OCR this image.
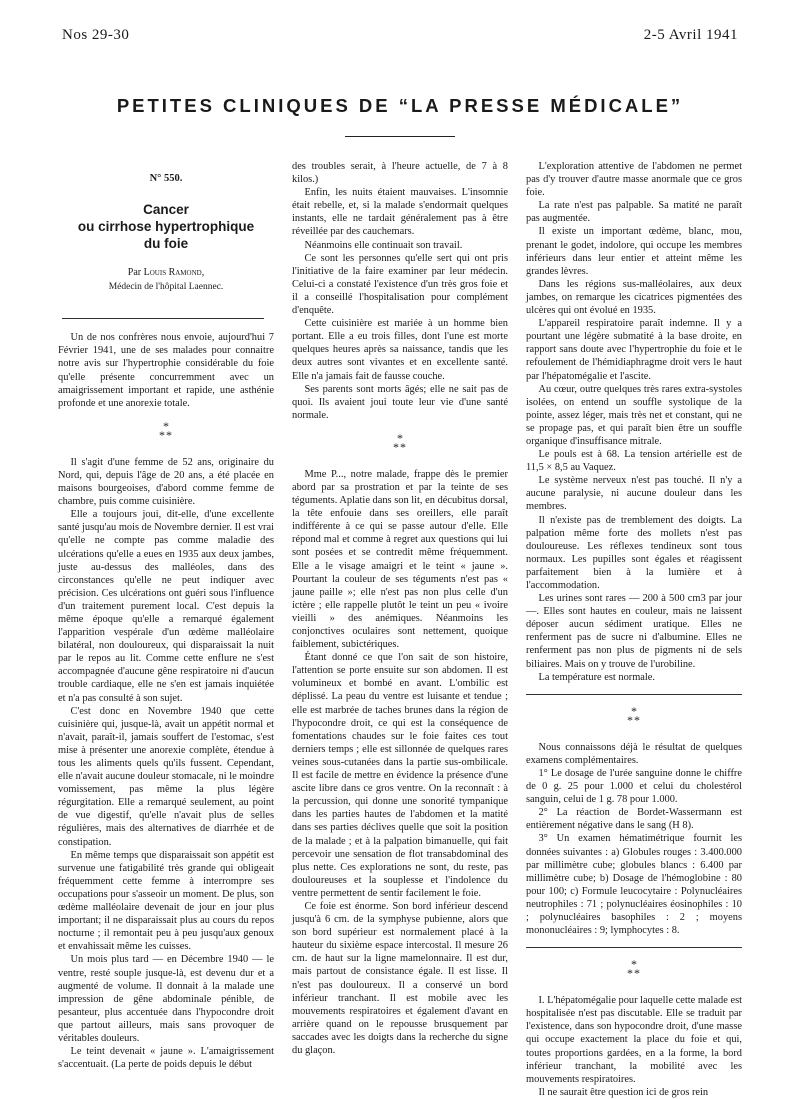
Nos 29-30	2-5 Avril 1941
PETITES CLINIQUES DE “LA PRESSE MÉDICALE”
N° 550.
Cancer
ou cirrhose hypertrophique
du foie
Par Louis Ramond,
Médecin de l'hôpital Laennec.

Un de nos confrères nous envoie, aujourd'hui 7 Février 1941, une de ses malades pour connaitre notre avis sur l'hypertrophie considérable du foie qu'elle présente concurremment avec un amaigrissement important et rapide, une asthénie profonde et une anorexie totale.

*
**

Il s'agit d'une femme de 52 ans, originaire du Nord, qui, depuis l'âge de 20 ans, a été placée en maisons bourgeoises, d'abord comme femme de chambre, puis comme cuisinière.

Elle a toujours joui, dit-elle, d'une excellente santé jusqu'au mois de Novembre dernier. Il est vrai qu'elle ne compte pas comme maladie des ulcérations qu'elle a eues en 1935 aux deux jambes, juste au-dessus des malléoles, dans des circonstances qu'elle ne peut indiquer avec précision. Ces ulcérations ont guéri sous l'influence d'un traitement purement local. C'est depuis la même époque qu'elle a remarqué également l'apparition vespérale d'un œdème malléolaire bilatéral, non douloureux, qui disparaissait la nuit par le repos au lit. Comme cette enflure ne s'est accompagnée d'aucune gêne respiratoire ni d'aucun trouble cardiaque, elle ne s'en est jamais inquiétée et n'a pas consulté à son sujet.

C'est donc en Novembre 1940 que cette cuisinière qui, jusque-là, avait un appétit normal et n'avait, paraît-il, jamais souffert de l'estomac, s'est mise à présenter une anorexie complète, étendue à tous les aliments quels qu'ils fussent. Cependant, elle n'avait aucune douleur stomacale, ni le moindre vomissement, pas même la plus légère régurgitation. Elle a remarqué seulement, au point de vue digestif, qu'elle n'avait plus de selles régulières, mais des alternatives de diarrhée et de constipation.

En même temps que disparaissait son appétit est survenue une fatigabilité très grande qui obligeait fréquemment cette femme à interrompre ses occupations pour s'asseoir un moment. De plus, son œdème malléolaire devenait de jour en jour plus important; il ne disparaissait plus au cours du repos nocturne ; il remontait peu à peu jusqu'aux genoux et envahissait même les cuisses.

Un mois plus tard — en Décembre 1940 — le ventre, resté souple jusque-là, est devenu dur et a augmenté de volume. Il donnait à la malade une impression de gêne abdominale pénible, de pesanteur, plus accentuée dans l'hypocondre droit que partout ailleurs, mais sans provoquer de véritables douleurs.

Le teint devenait « jaune ». L'amaigrissement s'accentuait. (La perte de poids depuis le début

des troubles serait, à l'heure actuelle, de 7 à 8 kilos.)

Enfin, les nuits étaient mauvaises. L'insomnie était rebelle, et, si la malade s'endormait quelques instants, elle ne tardait généralement pas à être réveillée par des cauchemars.

Néanmoins elle continuait son travail.

Ce sont les personnes qu'elle sert qui ont pris l'initiative de la faire examiner par leur médecin. Celui-ci a constaté l'existence d'un très gros foie et il a conseillé l'hospitalisation pour complément d'enquête.

Cette cuisinière est mariée à un homme bien portant. Elle a eu trois filles, dont l'une est morte quelques heures après sa naissance, tandis que les deux autres sont vivantes et en excellente santé. Elle n'a jamais fait de fausse couche.

Ses parents sont morts âgés; elle ne sait pas de quoi. Ils avaient joui toute leur vie d'une santé normale.

*
**

Mme P..., notre malade, frappe dès le premier abord par sa prostration et par la teinte de ses téguments. Aplatie dans son lit, en décubitus dorsal, la tête enfouie dans ses oreillers, elle paraît indifférente à ce qui se passe autour d'elle. Elle répond mal et comme à regret aux questions qui lui sont posées et se contredit même fréquemment. Elle a le visage amaigri et le teint « jaune ». Pourtant la couleur de ses téguments n'est pas « jaune paille »; elle n'est pas non plus celle d'un ictère ; elle rappelle plutôt le teint un peu « ivoire vieilli » des anémiques. Néanmoins les conjonctives oculaires sont nettement, quoique faiblement, subictériques.

Étant donné ce que l'on sait de son histoire, l'attention se porte ensuite sur son abdomen. Il est volumineux et bombé en avant. L'ombilic est déplissé. La peau du ventre est luisante et tendue ; elle est marbrée de taches brunes dans la région de l'hypocondre droit, ce qui est la conséquence de fomentations chaudes sur le foie faites ces tout derniers temps ; elle est sillonnée de quelques rares veines sous-cutanées dans la partie sus-ombilicale. Il est facile de mettre en évidence la présence d'une ascite libre dans ce gros ventre. On la reconnaît : à la percussion, qui donne une sonorité tympanique dans les parties hautes de l'abdomen et la matité dans ses parties déclives quelle que soit la position de la malade ; et à la palpation bimanuelle, qui fait percevoir une sensation de flot transabdominal des plus nette. Ces explorations ne sont, du reste, pas douloureuses et la souplesse et l'indolence du ventre permettent de sentir facilement le foie.

Ce foie est énorme. Son bord inférieur descend jusqu'à 6 cm. de la symphyse pubienne, alors que son bord supérieur est normalement placé à la hauteur du sixième espace intercostal. Il mesure 26 cm. de haut sur la ligne mamelonnaire. Il est dur, mais partout de consistance égale. Il est lisse. Il n'est pas douloureux. Il a conservé un bord inférieur tranchant. Il est mobile avec les mouvements respiratoires et également d'avant en arrière quand on le repousse brusquement par saccades avec les doigts dans la recherche du signe du glaçon.

L'exploration attentive de l'abdomen ne permet pas d'y trouver d'autre masse anormale que ce gros foie.

La rate n'est pas palpable. Sa matité ne paraît pas augmentée.

Il existe un important œdème, blanc, mou, prenant le godet, indolore, qui occupe les membres inférieurs dans leur entier et atteint même les grandes lèvres.

Dans les régions sus-malléolaires, aux deux jambes, on remarque les cicatrices pigmentées des ulcères qui ont évolué en 1935.

L'appareil respiratoire paraît indemne. Il y a pourtant une légère submatité à la base droite, en rapport sans doute avec l'hypertrophie du foie et le refoulement de l'hémidiaphragme droit vers le haut par l'hépatomégalie et l'ascite.

Au cœur, outre quelques très rares extra-systoles isolées, on entend un souffle systolique de la pointe, assez léger, mais très net et constant, qui ne se propage pas, et qui paraît bien être un souffle organique d'insuffisance mitrale.

Le pouls est à 68. La tension artérielle est de 11,5 × 8,5 au Vaquez.

Le système nerveux n'est pas touché. Il n'y a aucune paralysie, ni aucune douleur dans les membres.

Il n'existe pas de tremblement des doigts. La palpation même forte des mollets n'est pas douloureuse. Les réflexes tendineux sont tous normaux. Les pupilles sont égales et réagissent parfaitement bien à la lumière et à l'accommodation.

Les urines sont rares — 200 à 500 cm3 par jour —. Elles sont hautes en couleur, mais ne laissent déposer aucun sédiment uratique. Elles ne renferment pas de sucre ni d'albumine. Elles ne renferment pas non plus de pigments ni de sels biliaires. Mais on y trouve de l'urobiline.

La température est normale.

*
**

Nous connaissons déjà le résultat de quelques examens complémentaires.

1° Le dosage de l'urée sanguine donne le chiffre de 0 g. 25 pour 1.000 et celui du cholestérol sanguin, celui de 1 g. 78 pour 1.000.

2° La réaction de Bordet-Wassermann est entièrement négative dans le sang (H 8).

3° Un examen hématimétrique fournit les données suivantes : a) Globules rouges : 3.400.000 par millimètre cube; globules blancs : 6.400 par millimètre cube; b) Dosage de l'hémoglobine : 80 pour 100; c) Formule leucocytaire : Polynucléaires neutrophiles : 71 ; polynucléaires éosinophiles : 10 ; polynucléaires basophiles : 2 ; moyens mononucléaires : 9; lymphocytes : 8.

*
**

I. L'hépatomégalie pour laquelle cette malade est hospitalisée n'est pas discutable. Elle se traduit par l'existence, dans son hypocondre droit, d'une masse qui occupe exactement la place du foie et qui, toutes proportions gardées, en a la forme, la bord inférieur tranchant, la mobilité avec les mouvements respiratoires.

Il ne saurait être question ici de gros rein
